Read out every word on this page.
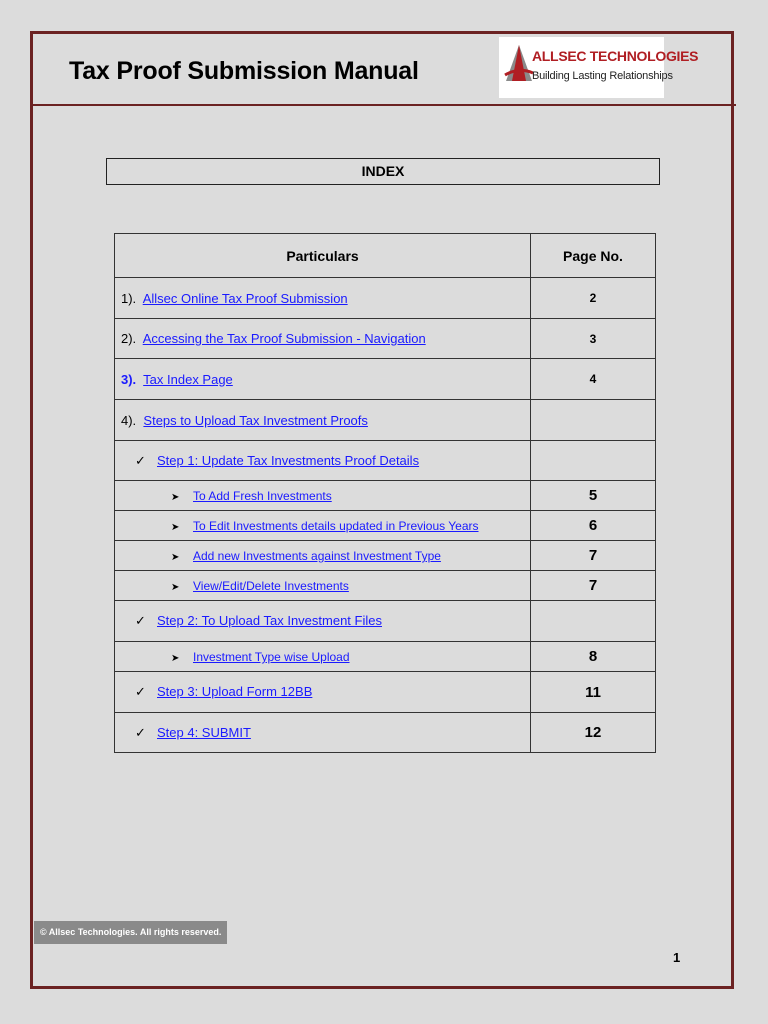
Tax Proof Submission Manual
ALLSEC TECHNOLOGIES
Building Lasting Relationships
INDEX
Particulars	Page No.
1). Allsec Online Tax Proof Submission	2
2). Accessing the Tax Proof Submission - Navigation	3
3). Tax Index Page	4
4). Steps to Upload Tax Investment Proofs	
✓ Step 1: Update Tax Investments Proof Details	
➤ To Add Fresh Investments	5
➤ To Edit Investments details updated in Previous Years	6
➤ Add new Investments against Investment Type	7
➤ View/Edit/Delete Investments	7
✓ Step 2: To Upload Tax Investment Files	
➤ Investment Type wise Upload	8
✓ Step 3: Upload Form 12BB	11
✓ Step 4: SUBMIT	12
© Allsec Technologies. All rights reserved.
1
